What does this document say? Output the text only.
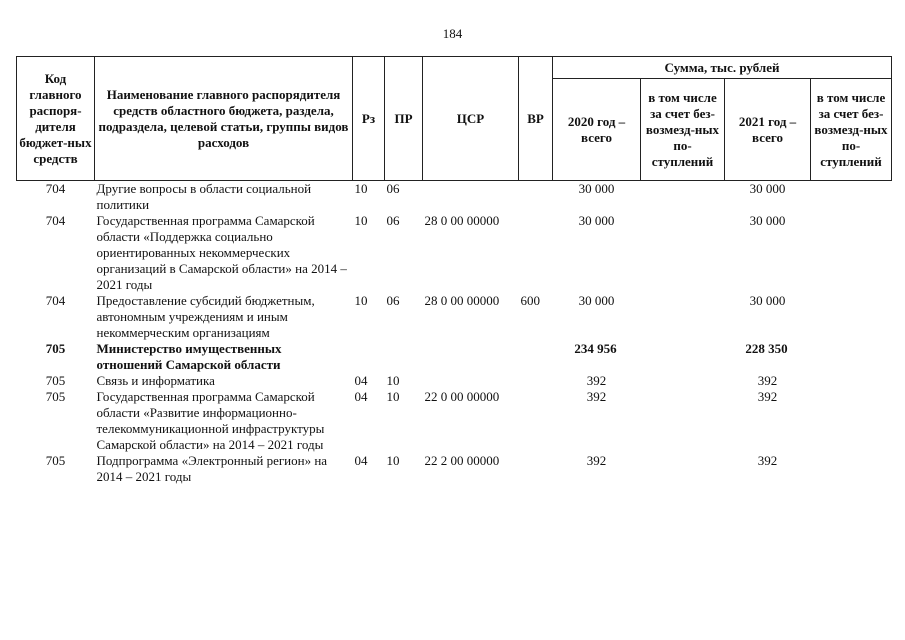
184
Код главного распоря-дителя бюджет-ных средств	Наименование главного распорядителя средств областного бюджета, раздела, подраздела, целевой статьи, группы видов расходов	Рз	ПР	ЦСР	ВР	Сумма, тыс. рублей			
						2020 год – всего	в том числе за счет без-возмезд-ных по-ступлений	2021 год – всего	в том числе за счет без-возмезд-ных по-ступлений
704	Другие вопросы в области социальной политики	10	06			30 000		30 000	
704	Государственная программа Самарской области «Поддержка социально ориентированных некоммерческих организаций в Самарской области» на 2014 – 2021 годы	10	06	28 0 00 00000		30 000		30 000	
704	Предоставление субсидий бюджетным, автономным учреждениям и иным некоммерческим организациям	10	06	28 0 00 00000	600	30 000		30 000	
705	Министерство имущественных отношений Самарской области					234 956		228 350	
705	Связь и информатика	04	10			392		392	
705	Государственная программа Самарской области «Развитие информационно-телекоммуникационной инфраструктуры Самарской области» на 2014 – 2021 годы	04	10	22 0 00 00000		392		392	
705	Подпрограмма «Электронный регион» на 2014 – 2021 годы	04	10	22 2 00 00000		392		392	
